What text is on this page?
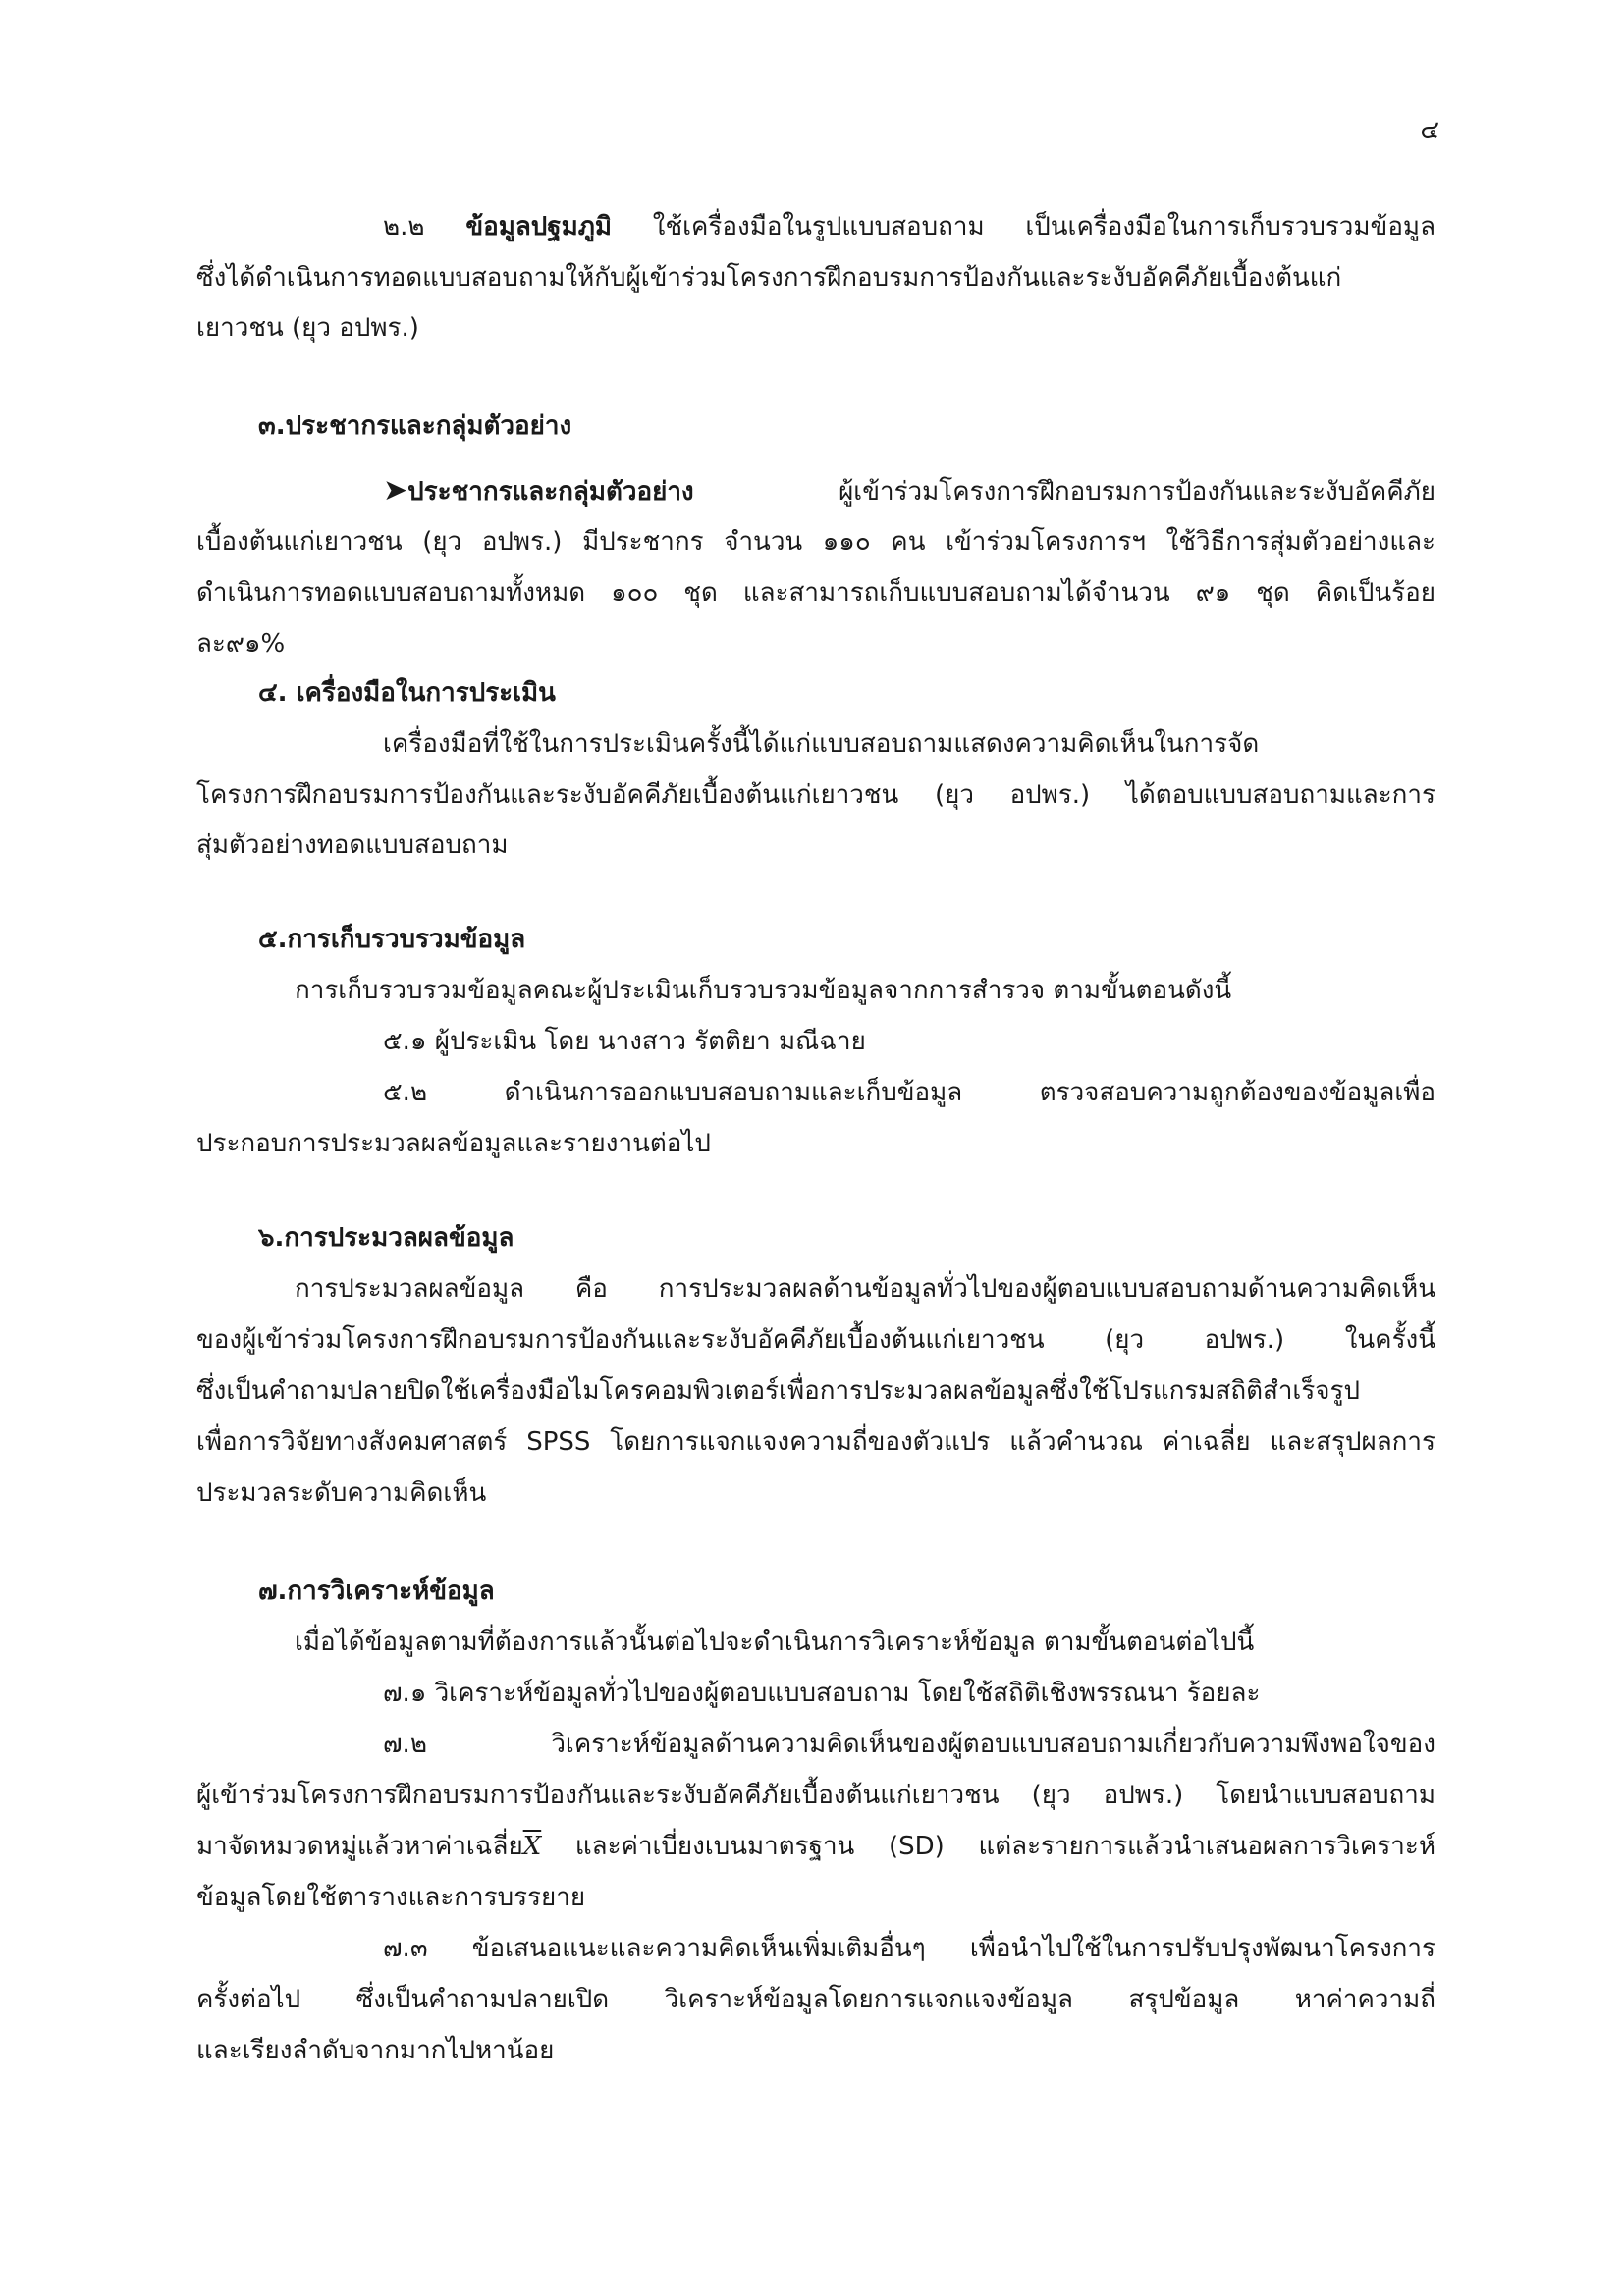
๔
๒.๒ ข้อมูลปฐมภูมิ ใช้เครื่องมือในรูปแบบสอบถาม เป็นเครื่องมือในการเก็บรวบรวมข้อมูล
ซึ่งได้ดำเนินการทอดแบบสอบถามให้กับผู้เข้าร่วมโครงการฝึกอบรมการป้องกันและระงับอัคคีภัยเบื้องต้นแก่
เยาวชน (ยุว อปพร.)
๓.ประชากรและกลุ่มตัวอย่าง
➤ประชากรและกลุ่มตัวอย่าง ผู้เข้าร่วมโครงการฝึกอบรมการป้องกันและระงับอัคคีภัย
เบื้องต้นแก่เยาวชน (ยุว อปพร.) มีประชากร จำนวน ๑๑๐ คน เข้าร่วมโครงการฯ ใช้วิธีการสุ่มตัวอย่างและ
ดำเนินการทอดแบบสอบถามทั้งหมด ๑๐๐ ชุด และสามารถเก็บแบบสอบถามได้จำนวน ๙๑ ชุด คิดเป็นร้อย
ละ๙๑%
๔. เครื่องมือในการประเมิน
เครื่องมือที่ใช้ในการประเมินครั้งนี้ได้แก่แบบสอบถามแสดงความคิดเห็นในการจัด
โครงการฝึกอบรมการป้องกันและระงับอัคคีภัยเบื้องต้นแก่เยาวชน (ยุว อปพร.) ได้ตอบแบบสอบถามและการ
สุ่มตัวอย่างทอดแบบสอบถาม
๕.การเก็บรวบรวมข้อมูล
การเก็บรวบรวมข้อมูลคณะผู้ประเมินเก็บรวบรวมข้อมูลจากการสำรวจ ตามขั้นตอนดังนี้
๕.๑ ผู้ประเมิน โดย นางสาว รัตติยา มณีฉาย
๕.๒ ดำเนินการออกแบบสอบถามและเก็บข้อมูล ตรวจสอบความถูกต้องของข้อมูลเพื่อ
ประกอบการประมวลผลข้อมูลและรายงานต่อไป
๖.การประมวลผลข้อมูล
การประมวลผลข้อมูล คือ การประมวลผลด้านข้อมูลทั่วไปของผู้ตอบแบบสอบถามด้านความคิดเห็น
ของผู้เข้าร่วมโครงการฝึกอบรมการป้องกันและระงับอัคคีภัยเบื้องต้นแก่เยาวชน (ยุว อปพร.) ในครั้งนี้
ซึ่งเป็นคำถามปลายปิดใช้เครื่องมือไมโครคอมพิวเตอร์เพื่อการประมวลผลข้อมูลซึ่งใช้โปรแกรมสถิติสำเร็จรูป
เพื่อการวิจัยทางสังคมศาสตร์ SPSS โดยการแจกแจงความถี่ของตัวแปร แล้วคำนวณ ค่าเฉลี่ย และสรุปผลการ
ประมวลระดับความคิดเห็น
๗.การวิเคราะห์ข้อมูล
เมื่อได้ข้อมูลตามที่ต้องการแล้วนั้นต่อไปจะดำเนินการวิเคราะห์ข้อมูล ตามขั้นตอนต่อไปนี้
๗.๑ วิเคราะห์ข้อมูลทั่วไปของผู้ตอบแบบสอบถาม โดยใช้สถิติเชิงพรรณนา ร้อยละ
๗.๒ วิเคราะห์ข้อมูลด้านความคิดเห็นของผู้ตอบแบบสอบถามเกี่ยวกับความพึงพอใจของ
ผู้เข้าร่วมโครงการฝึกอบรมการป้องกันและระงับอัคคีภัยเบื้องต้นแก่เยาวชน (ยุว อปพร.) โดยนำแบบสอบถาม
มาจัดหมวดหมู่แล้วหาค่าเฉลี่ย$\overline{X}$ และค่าเบี่ยงเบนมาตรฐาน (SD) แต่ละรายการแล้วนำเสนอผลการวิเคราะห์
ข้อมูลโดยใช้ตารางและการบรรยาย
๗.๓ ข้อเสนอแนะและความคิดเห็นเพิ่มเติมอื่นๆ เพื่อนำไปใช้ในการปรับปรุงพัฒนาโครงการ
ครั้งต่อไป ซึ่งเป็นคำถามปลายเปิด วิเคราะห์ข้อมูลโดยการแจกแจงข้อมูล สรุปข้อมูล หาค่าความถี่
และเรียงลำดับจากมากไปหาน้อย
